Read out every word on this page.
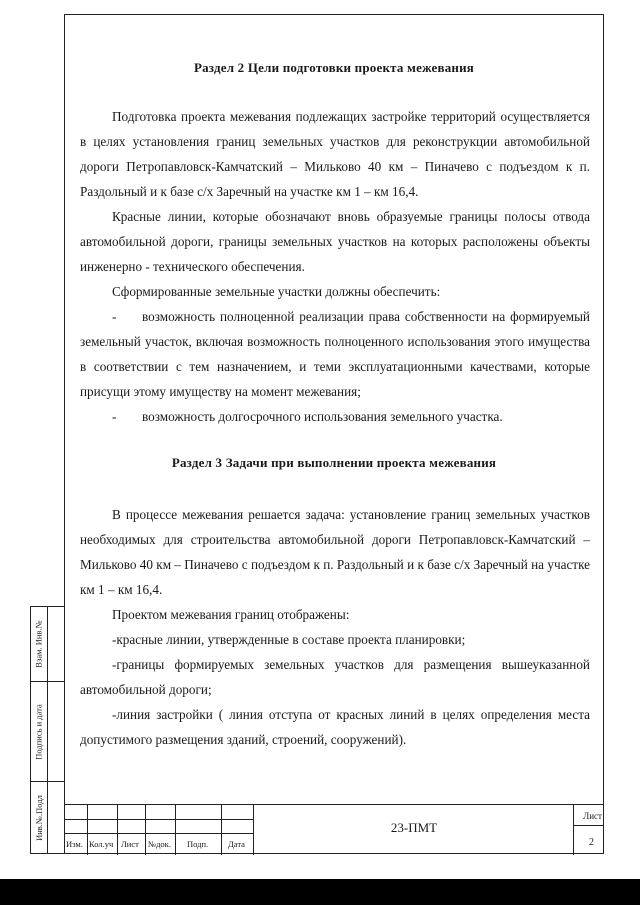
Раздел 2 Цели подготовки проекта межевания

Подготовка проекта межевания подлежащих застройке территорий осуществляется в целях установления границ земельных участков для реконструкции автомобильной дороги Петропавловск-Камчатский – Мильково 40 км – Пиначево с подъездом к п. Раздольный и к базе с/х Заречный на участке км 1 – км 16,4.

Красные линии, которые обозначают вновь образуемые границы полосы отвода автомобильной дороги, границы земельных участков на которых расположены объекты инженерно - технического обеспечения.

Сформированные земельные участки должны обеспечить:

- возможность полноценной реализации права собственности на формируемый земельный участок, включая возможность полноценного использования этого имущества в соответствии с тем назначением, и теми эксплуатационными качествами, которые присущи этому имуществу на момент межевания;

- возможность долгосрочного использования земельного участка.

Раздел 3 Задачи при выполнении проекта межевания

В процессе межевания решается задача: установление границ земельных участков необходимых для строительства автомобильной дороги Петропавловск-Камчатский – Мильково 40 км – Пиначево с подъездом к п. Раздольный и к базе с/х Заречный на участке км 1 – км 16,4.

Проектом межевания границ отображены:

-красные линии, утвержденные в составе проекта планировки;

-границы формируемых земельных участков для размещения вышеуказанной автомобильной дороги;

-линия застройки ( линия отступа от красных линий в целях определения места допустимого размещения зданий, строений, сооружений).

Взам. Инв.№
Подпись и дата
Инв.№.Подл
Изм. Кол.уч Лист №док. Подп. Дата
23-ПМТ
Лист
2
